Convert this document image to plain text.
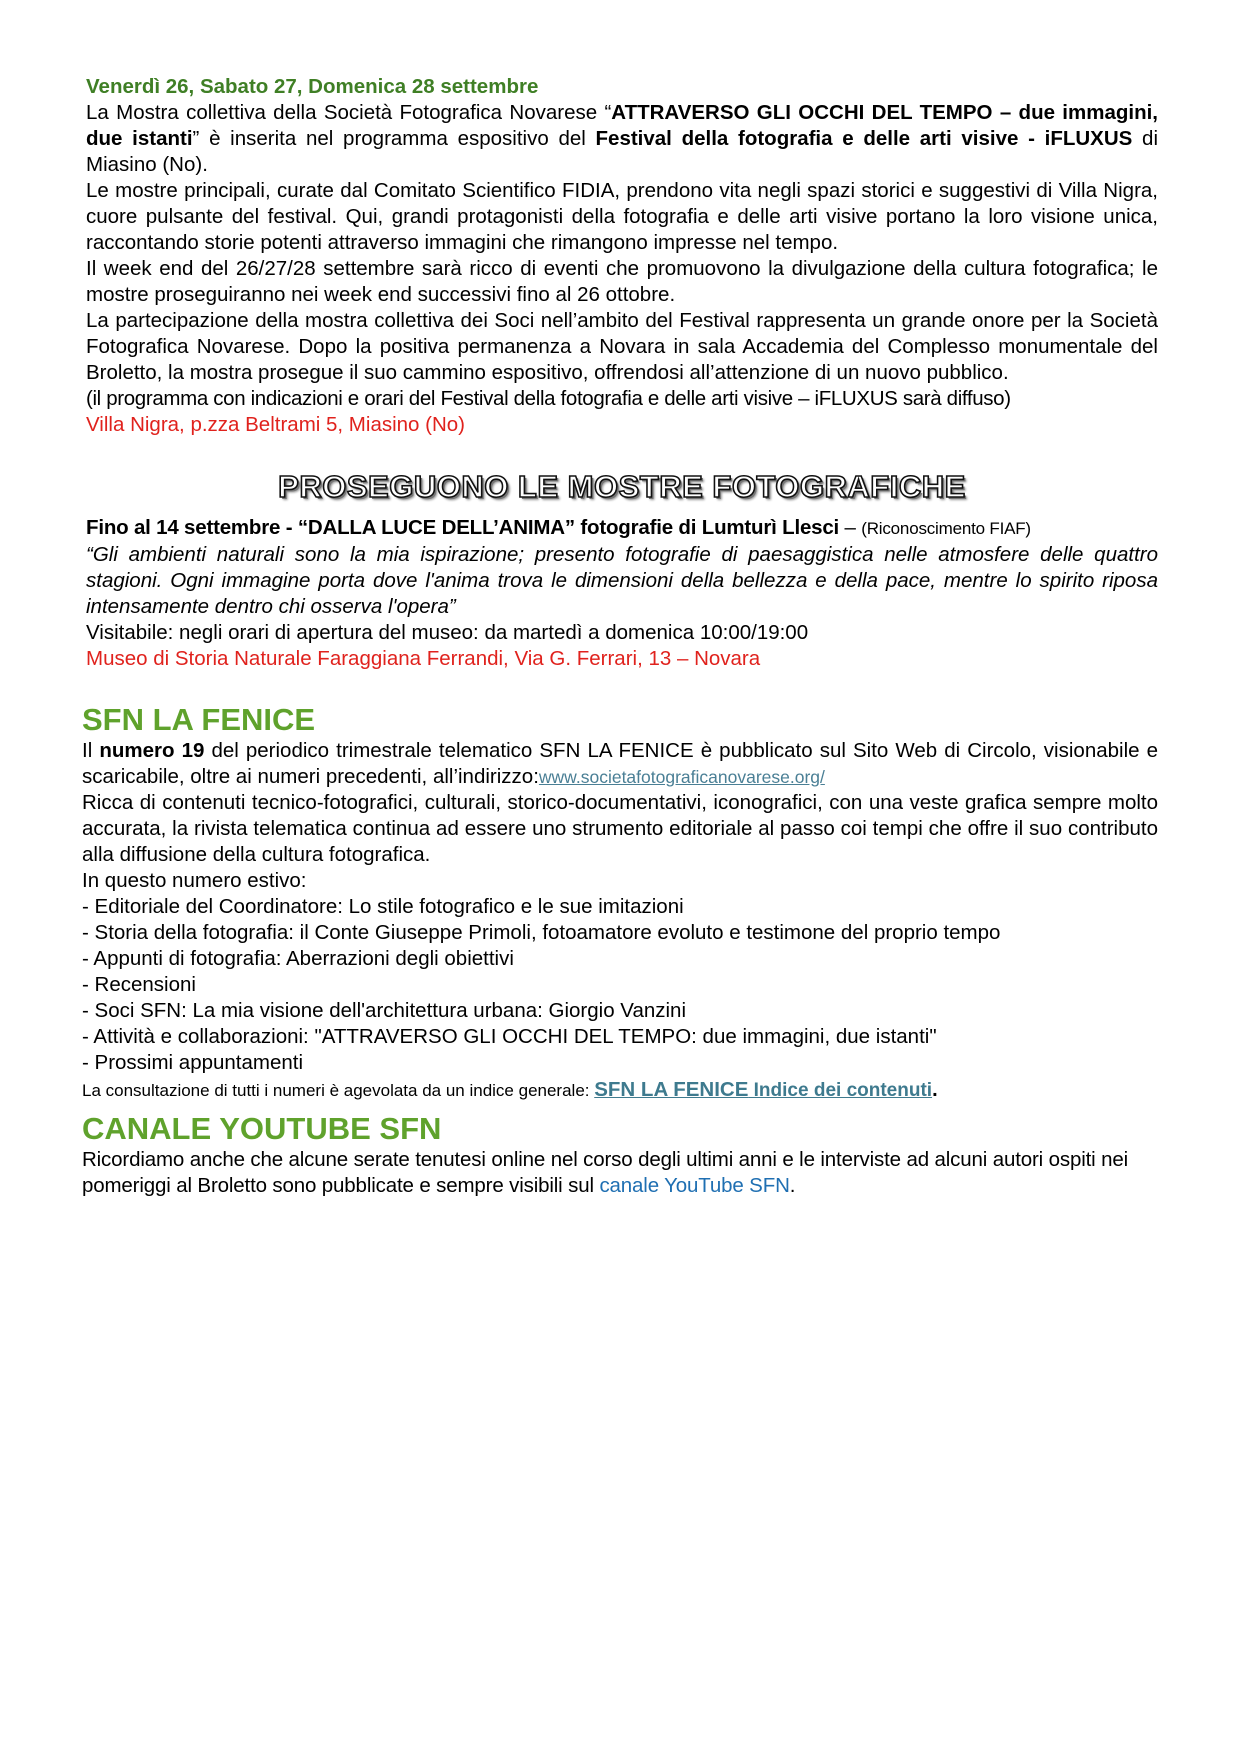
Venerdì 26, Sabato 27, Domenica 28 settembre

La Mostra collettiva della Società Fotografica Novarese “ATTRAVERSO GLI OCCHI DEL TEMPO – due immagini, due istanti” è inserita nel programma espositivo del Festival della fotografia e delle arti visive - iFLUXUS di Miasino (No).

Le mostre principali, curate dal Comitato Scientifico FIDIA, prendono vita negli spazi storici e suggestivi di Villa Nigra, cuore pulsante del festival. Qui, grandi protagonisti della fotografia e delle arti visive portano la loro visione unica, raccontando storie potenti attraverso immagini che rimangono impresse nel tempo.

Il week end del 26/27/28 settembre sarà ricco di eventi che promuovono la divulgazione della cultura fotografica; le mostre proseguiranno nei week end successivi fino al 26 ottobre.

La partecipazione della mostra collettiva dei Soci nell’ambito del Festival rappresenta un grande onore per la Società Fotografica Novarese. Dopo la positiva permanenza a Novara in sala Accademia del Complesso monumentale del Broletto, la mostra prosegue il suo cammino espositivo, offrendosi all’attenzione di un nuovo pubblico.

(il programma con indicazioni e orari del Festival della fotografia e delle arti visive – iFLUXUS sarà diffuso)

Villa Nigra, p.zza Beltrami 5, Miasino (No)

PROSEGUONO LE MOSTRE FOTOGRAFICHE

Fino al 14 settembre - “DALLA LUCE DELL’ANIMA” fotografie di Lumturì Llesci – (Riconoscimento FIAF)

“Gli ambienti naturali sono la mia ispirazione; presento fotografie di paesaggistica nelle atmosfere delle quattro stagioni. Ogni immagine porta dove l'anima trova le dimensioni della bellezza e della pace, mentre lo spirito riposa intensamente dentro chi osserva l'opera”

Visitabile: negli orari di apertura del museo: da martedì a domenica 10:00/19:00

Museo di Storia Naturale Faraggiana Ferrandi, Via G. Ferrari, 13 – Novara

SFN LA FENICE

Il numero 19 del periodico trimestrale telematico SFN LA FENICE è pubblicato sul Sito Web di Circolo, visionabile e scaricabile, oltre ai numeri precedenti, all’indirizzo:www.societafotograficanovarese.org/

Ricca di contenuti tecnico-fotografici, culturali, storico-documentativi, iconografici, con una veste grafica sempre molto accurata, la rivista telematica continua ad essere uno strumento editoriale al passo coi tempi che offre il suo contributo alla diffusione della cultura fotografica.

In questo numero estivo:

- Editoriale del Coordinatore: Lo stile fotografico e le sue imitazioni

- Storia della fotografia: il Conte Giuseppe Primoli, fotoamatore evoluto e testimone del proprio tempo

- Appunti di fotografia: Aberrazioni degli obiettivi

- Recensioni

- Soci SFN: La mia visione dell'architettura urbana: Giorgio Vanzini

- Attività e collaborazioni: "ATTRAVERSO GLI OCCHI DEL TEMPO: due immagini, due istanti"

- Prossimi appuntamenti

La consultazione di tutti i numeri è agevolata da un indice generale: SFN LA FENICE Indice dei contenuti.

CANALE YOUTUBE SFN

Ricordiamo anche che alcune serate tenutesi online nel corso degli ultimi anni e le interviste ad alcuni autori ospiti nei pomeriggi al Broletto sono pubblicate e sempre visibili sul canale YouTube SFN.
